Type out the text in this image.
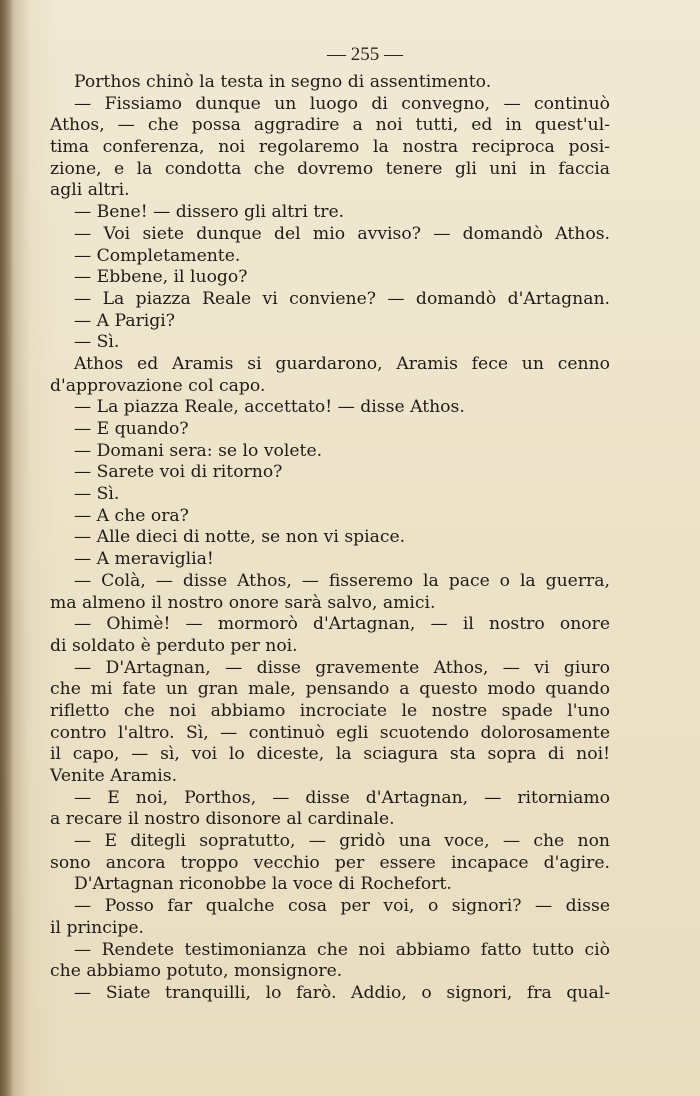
— 255 —
Porthos chinò la testa in segno di assentimento.
— Fissiamo dunque un luogo di convegno, — continuò
Athos, — che possa aggradire a noi tutti, ed in quest'ul-
tima conferenza, noi regolaremo la nostra reciproca posi-
zione, e la condotta che dovremo tenere gli uni in faccia
agli altri.
— Bene! — dissero gli altri tre.
— Voi siete dunque del mio avviso? — domandò Athos.
— Completamente.
— Ebbene, il luogo?
— La piazza Reale vi conviene? — domandò d'Artagnan.
— A Parigi?
— Sì.
Athos ed Aramis si guardarono, Aramis fece un cenno
d'approvazione col capo.
— La piazza Reale, accettato! — disse Athos.
— E quando?
— Domani sera: se lo volete.
— Sarete voi di ritorno?
— Sì.
— A che ora?
— Alle dieci di notte, se non vi spiace.
— A meraviglia!
— Colà, — disse Athos, — fisseremo la pace o la guerra,
ma almeno il nostro onore sarà salvo, amici.
— Ohimè! — mormorò d'Artagnan, — il nostro onore
di soldato è perduto per noi.
— D'Artagnan, — disse gravemente Athos, — vi giuro
che mi fate un gran male, pensando a questo modo quando
rifletto che noi abbiamo incrociate le nostre spade l'uno
contro l'altro. Sì, — continuò egli scuotendo dolorosamente
il capo, — sì, voi lo diceste, la sciagura sta sopra di noi!
Venite Aramis.
— E noi, Porthos, — disse d'Artagnan, — ritorniamo
a recare il nostro disonore al cardinale.
— E ditegli sopratutto, — gridò una voce, — che non
sono ancora troppo vecchio per essere incapace d'agire.
D'Artagnan riconobbe la voce di Rochefort.
— Posso far qualche cosa per voi, o signori? — disse
il principe.
— Rendete testimonianza che noi abbiamo fatto tutto ciò
che abbiamo potuto, monsignore.
— Siate tranquilli, lo farò. Addio, o signori, fra qual-
